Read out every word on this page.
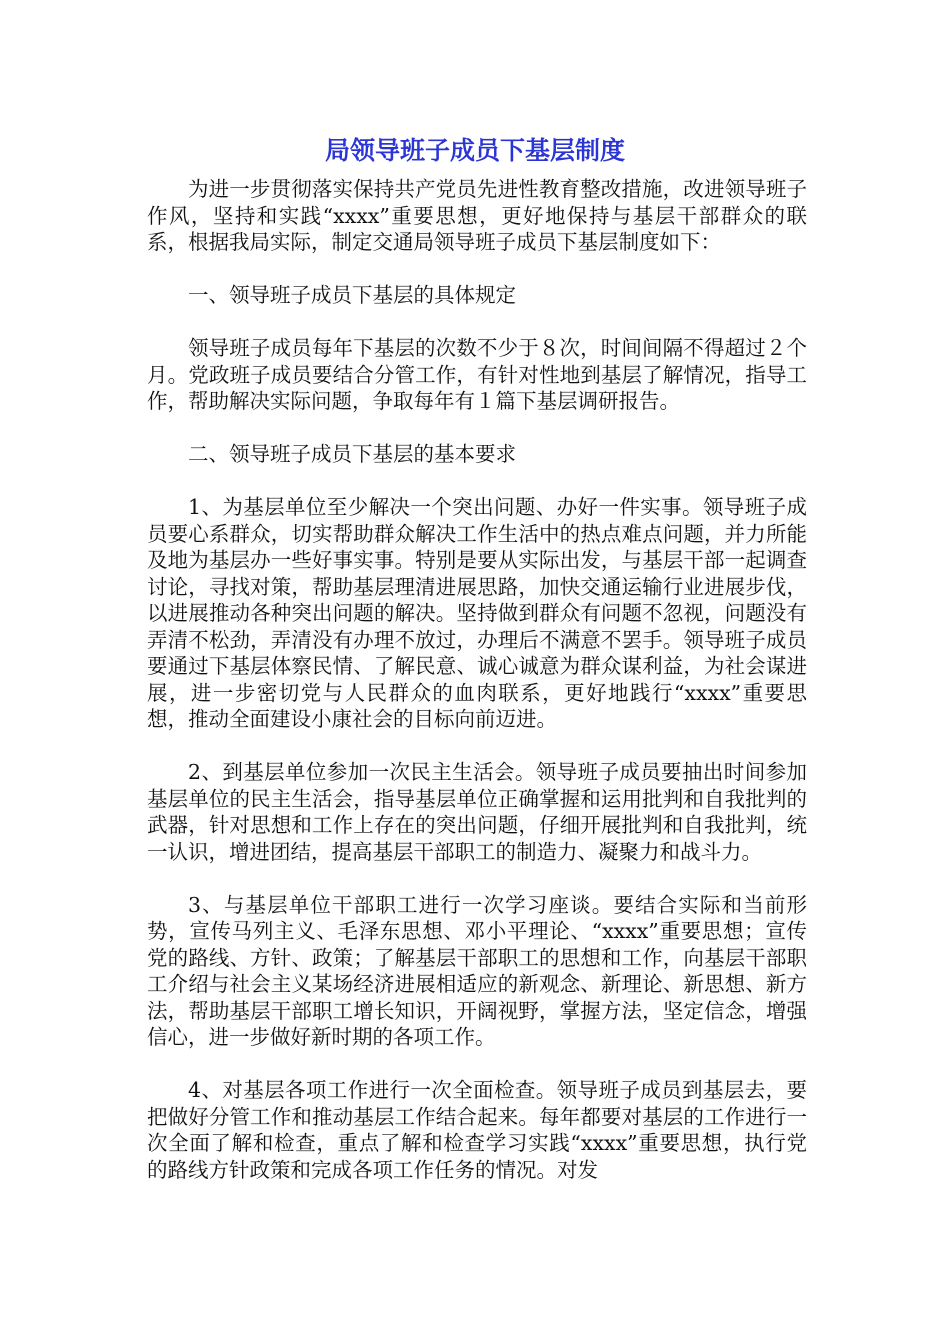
局领导班子成员下基层制度

为进一步贯彻落实保持共产党员先进性教育整改措施，改进领导班子作风，坚持和实践“xxxx”重要思想，更好地保持与基层干部群众的联系，根据我局实际，制定交通局领导班子成员下基层制度如下：

一、领导班子成员下基层的具体规定

领导班子成员每年下基层的次数不少于８次，时间间隔不得超过２个月。党政班子成员要结合分管工作，有针对性地到基层了解情况，指导工作，帮助解决实际问题，争取每年有１篇下基层调研报告。

二、领导班子成员下基层的基本要求

1、为基层单位至少解决一个突出问题、办好一件实事。领导班子成员要心系群众，切实帮助群众解决工作生活中的热点难点问题，并力所能及地为基层办一些好事实事。特别是要从实际出发，与基层干部一起调查讨论，寻找对策，帮助基层理清进展思路，加快交通运输行业进展步伐，以进展推动各种突出问题的解决。坚持做到群众有问题不忽视，问题没有弄清不松劲，弄清没有办理不放过，办理后不满意不罢手。领导班子成员要通过下基层体察民情、了解民意、诚心诚意为群众谋利益，为社会谋进展，进一步密切党与人民群众的血肉联系，更好地践行“xxxx”重要思想，推动全面建设小康社会的目标向前迈进。

2、到基层单位参加一次民主生活会。领导班子成员要抽出时间参加基层单位的民主生活会，指导基层单位正确掌握和运用批判和自我批判的武器，针对思想和工作上存在的突出问题，仔细开展批判和自我批判，统一认识，增进团结，提高基层干部职工的制造力、凝聚力和战斗力。

3、与基层单位干部职工进行一次学习座谈。要结合实际和当前形势，宣传马列主义、毛泽东思想、邓小平理论、“xxxx”重要思想；宣传党的路线、方针、政策；了解基层干部职工的思想和工作，向基层干部职工介绍与社会主义某场经济进展相适应的新观念、新理论、新思想、新方法，帮助基层干部职工增长知识，开阔视野，掌握方法，坚定信念，增强信心，进一步做好新时期的各项工作。

4、对基层各项工作进行一次全面检查。领导班子成员到基层去，要把做好分管工作和推动基层工作结合起来。每年都要对基层的工作进行一次全面了解和检查，重点了解和检查学习实践“xxxx”重要思想，执行党的路线方针政策和完成各项工作任务的情况。对发
